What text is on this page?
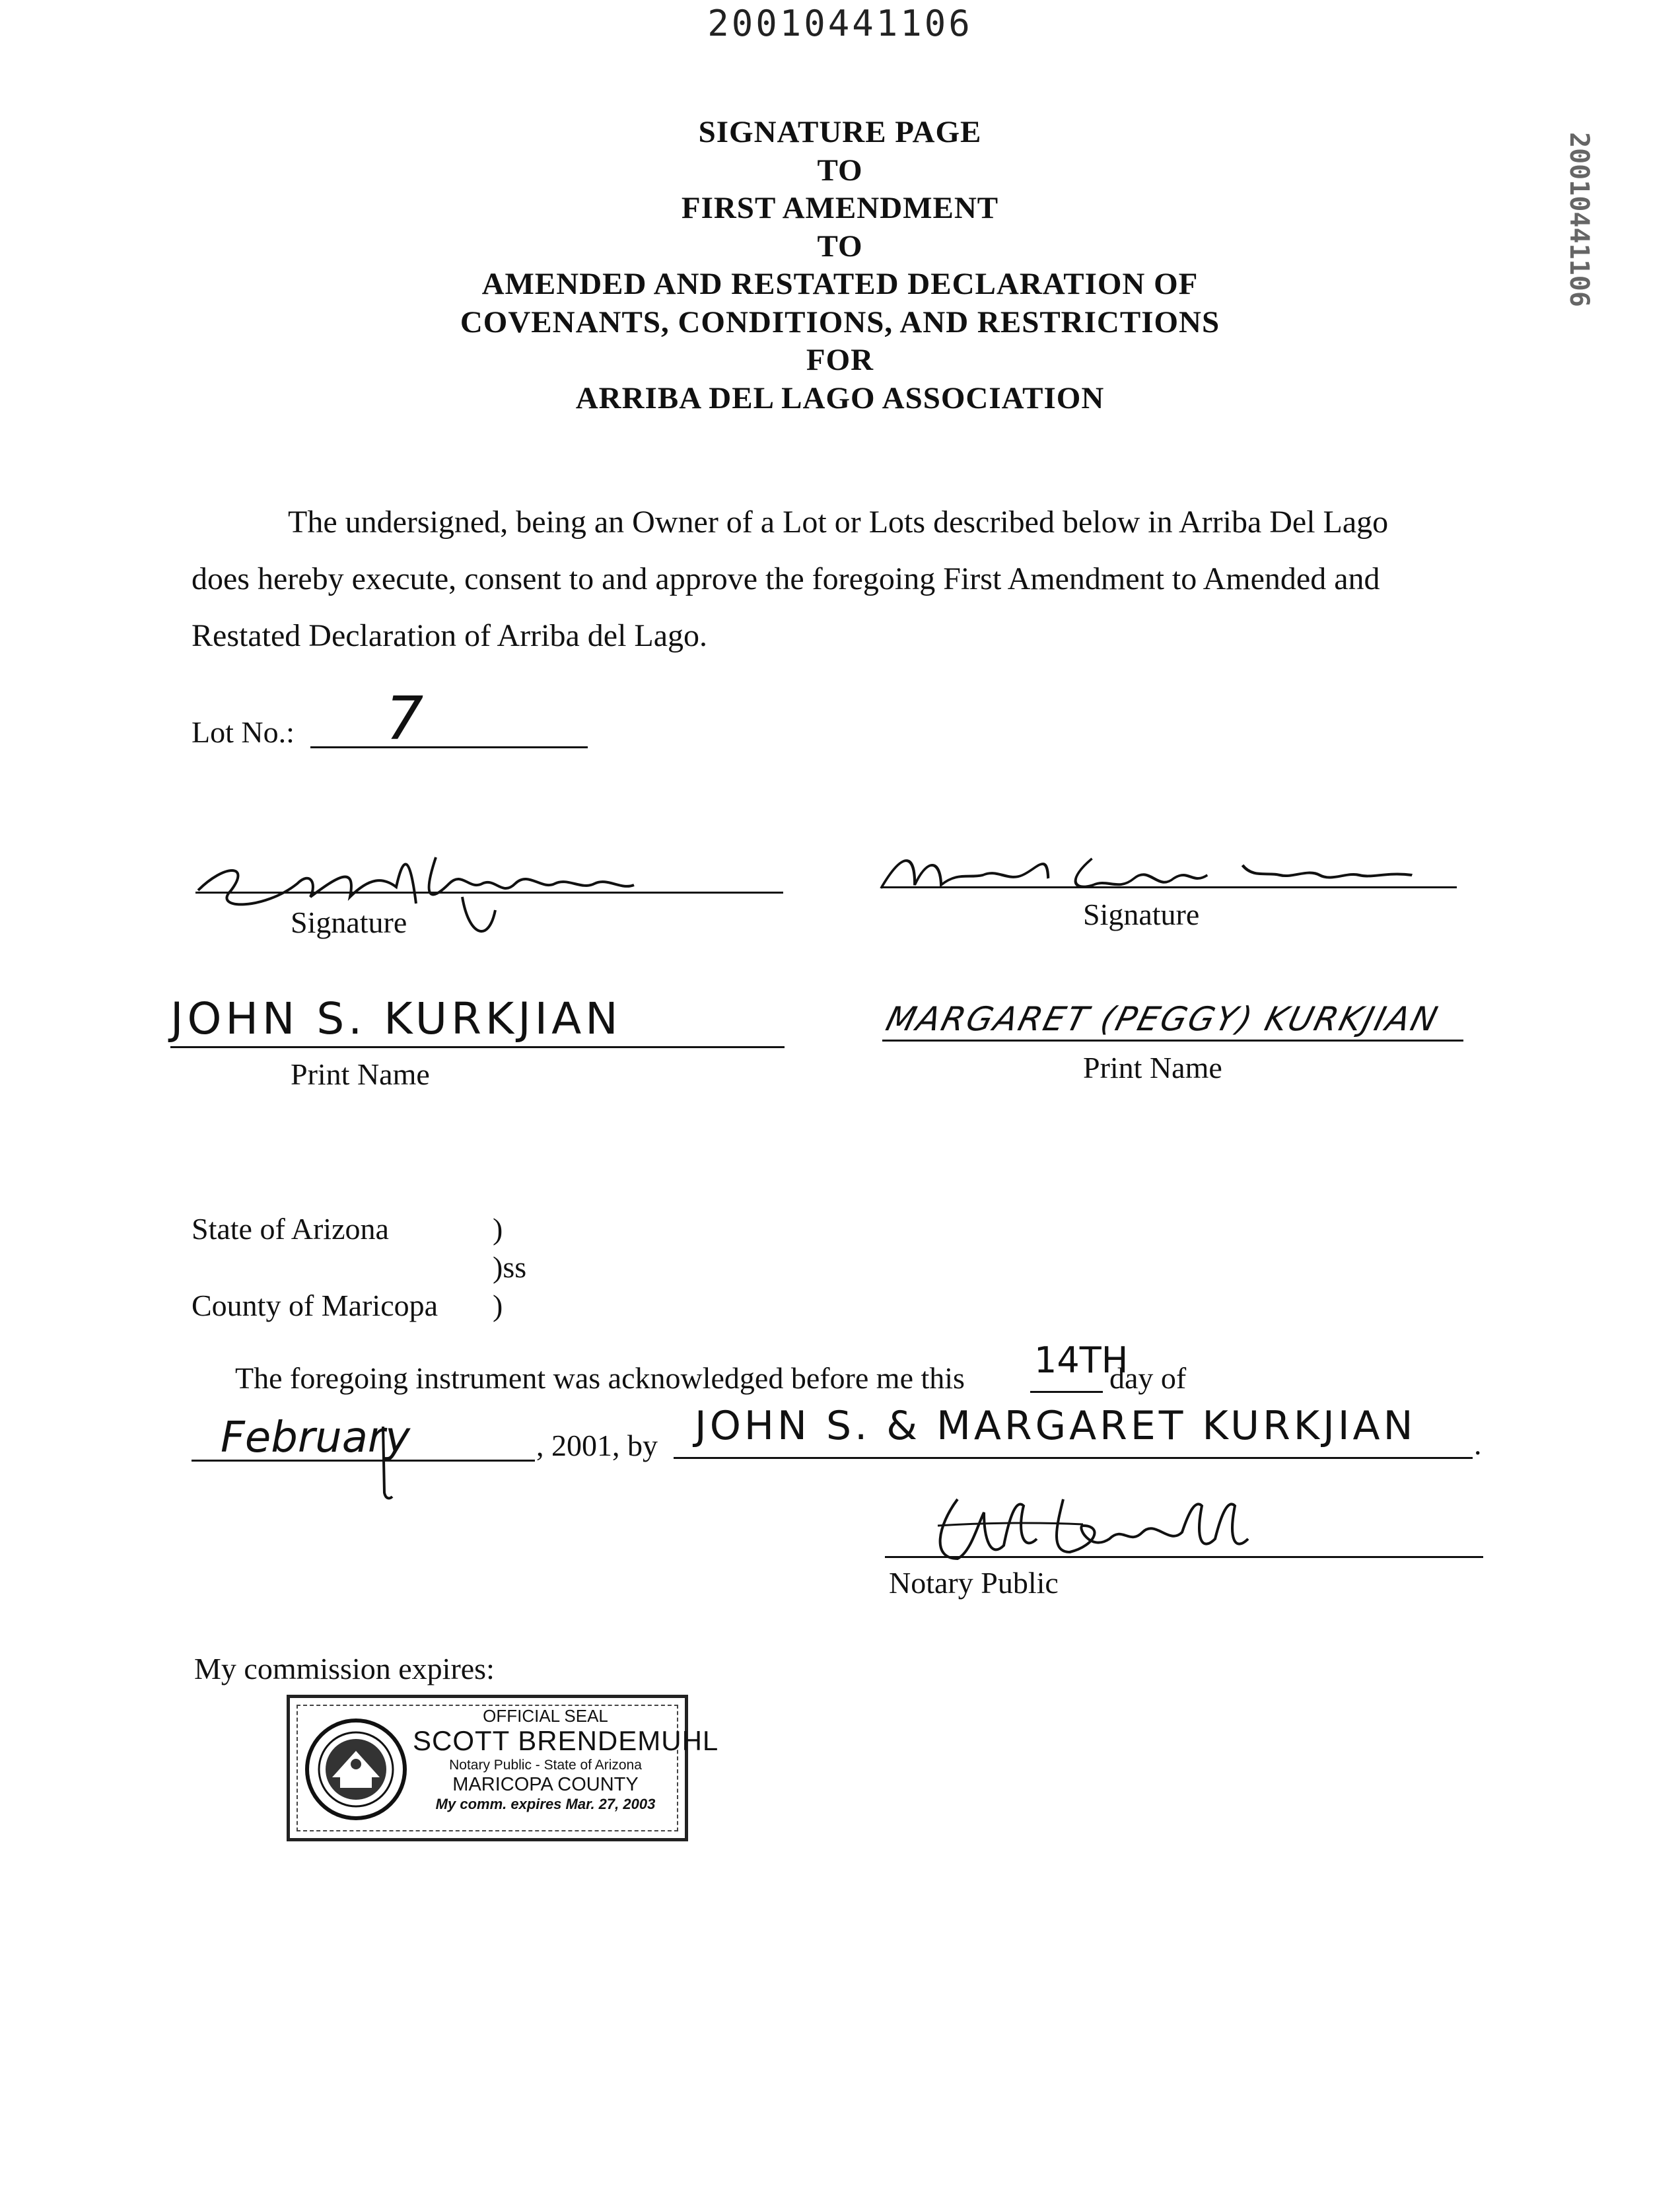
20010441106
20010441106
SIGNATURE PAGE
TO
FIRST AMENDMENT
TO
AMENDED AND RESTATED DECLARATION OF
COVENANTS, CONDITIONS, AND RESTRICTIONS
FOR
ARRIBA DEL LAGO ASSOCIATION
The undersigned, being an Owner of a Lot or Lots described below in Arriba Del Lago
does hereby execute, consent to and approve the foregoing First Amendment to Amended and
Restated Declaration of Arriba del Lago.
Lot No.: 7
Signature	Signature
JOHN S. KURKJIAN
Print Name
MARGARET (PEGGY) KURKJIAN
Print Name
State of Arizona	)
)ss
County of Maricopa )
The foregoing instrument was acknowledged before me this 14TH
day of
February	, 2001, by JOHN S. & MARGARET KURKJIAN .
Notary Public
My commission expires:
OFFICIAL SEAL
SCOTT BRENDEMUHL
Notary Public - State of Arizona
MARICOPA COUNTY
My comm. expires Mar. 27, 2003
